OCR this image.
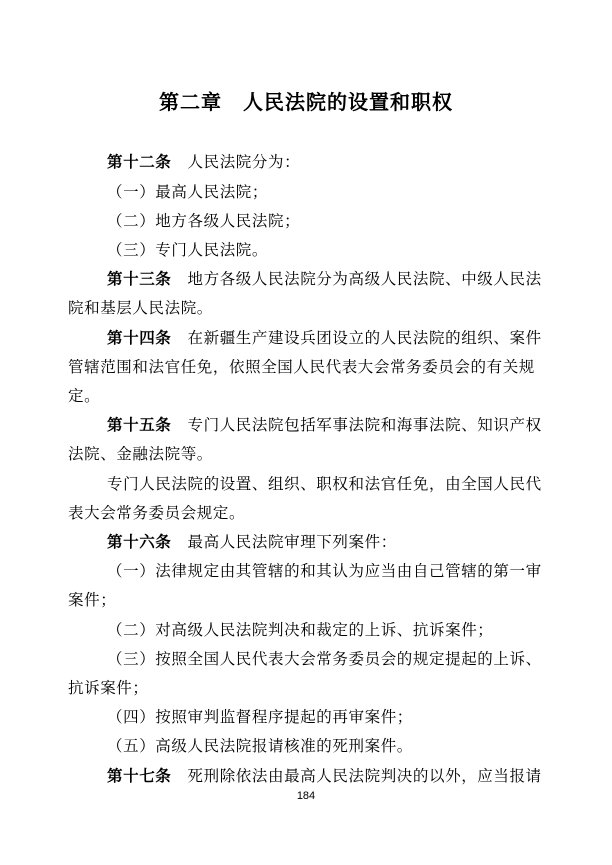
第二章　人民法院的设置和职权
第十二条　人民法院分为：
（一）最高人民法院；
（二）地方各级人民法院；
（三）专门人民法院。
第十三条　地方各级人民法院分为高级人民法院、中级人民法
院和基层人民法院。
第十四条　在新疆生产建设兵团设立的人民法院的组织、案件
管辖范围和法官任免，依照全国人民代表大会常务委员会的有关规
定。
第十五条　专门人民法院包括军事法院和海事法院、知识产权
法院、金融法院等。
专门人民法院的设置、组织、职权和法官任免，由全国人民代
表大会常务委员会规定。
第十六条　最高人民法院审理下列案件：
（一）法律规定由其管辖的和其认为应当由自己管辖的第一审
案件；
（二）对高级人民法院判决和裁定的上诉、抗诉案件；
（三）按照全国人民代表大会常务委员会的规定提起的上诉、
抗诉案件；
（四）按照审判监督程序提起的再审案件；
（五）高级人民法院报请核准的死刑案件。
第十七条　死刑除依法由最高人民法院判决的以外，应当报请
184
